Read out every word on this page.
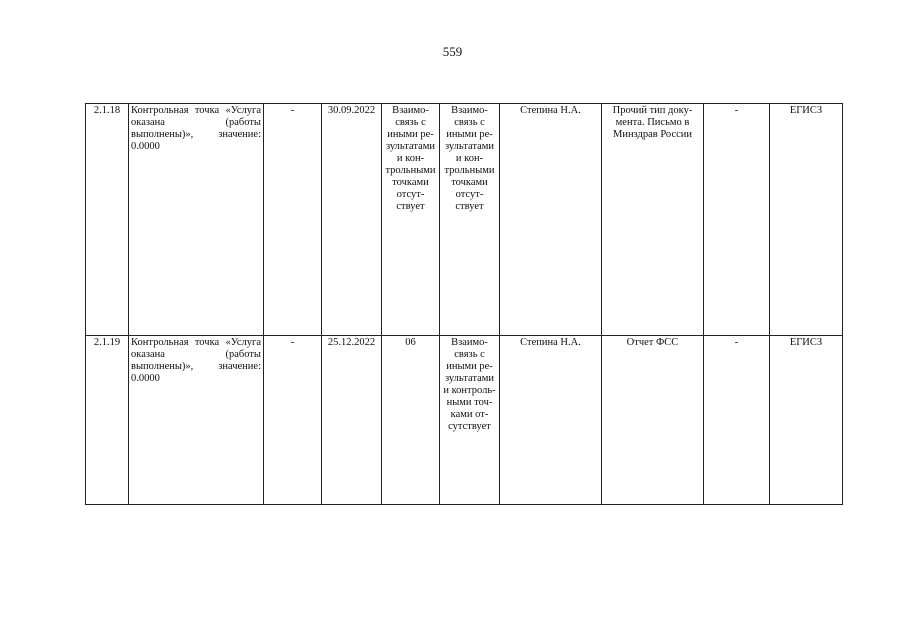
559
2.1.18	Контрольная точка «Услуга оказана (работы выполнены)», значение: 0.0000	-	30.09.2022	Взаимо-связь с иными ре-зультатами и кон-трольными точками отсут-ствует	Взаимо-связь с иными ре-зультатами и кон-трольными точками отсут-ствует	Степина Н.А.	Прочий тип доку-мента. Письмо в Минздрав России	-	ЕГИСЗ
2.1.19	Контрольная точка «Услуга оказана (работы выполнены)», значение: 0.0000	-	25.12.2022	06	Взаимо-связь с иными ре-зультатами и контроль-ными точ-ками от-сутствует	Степина Н.А.	Отчет ФСС	-	ЕГИСЗ
